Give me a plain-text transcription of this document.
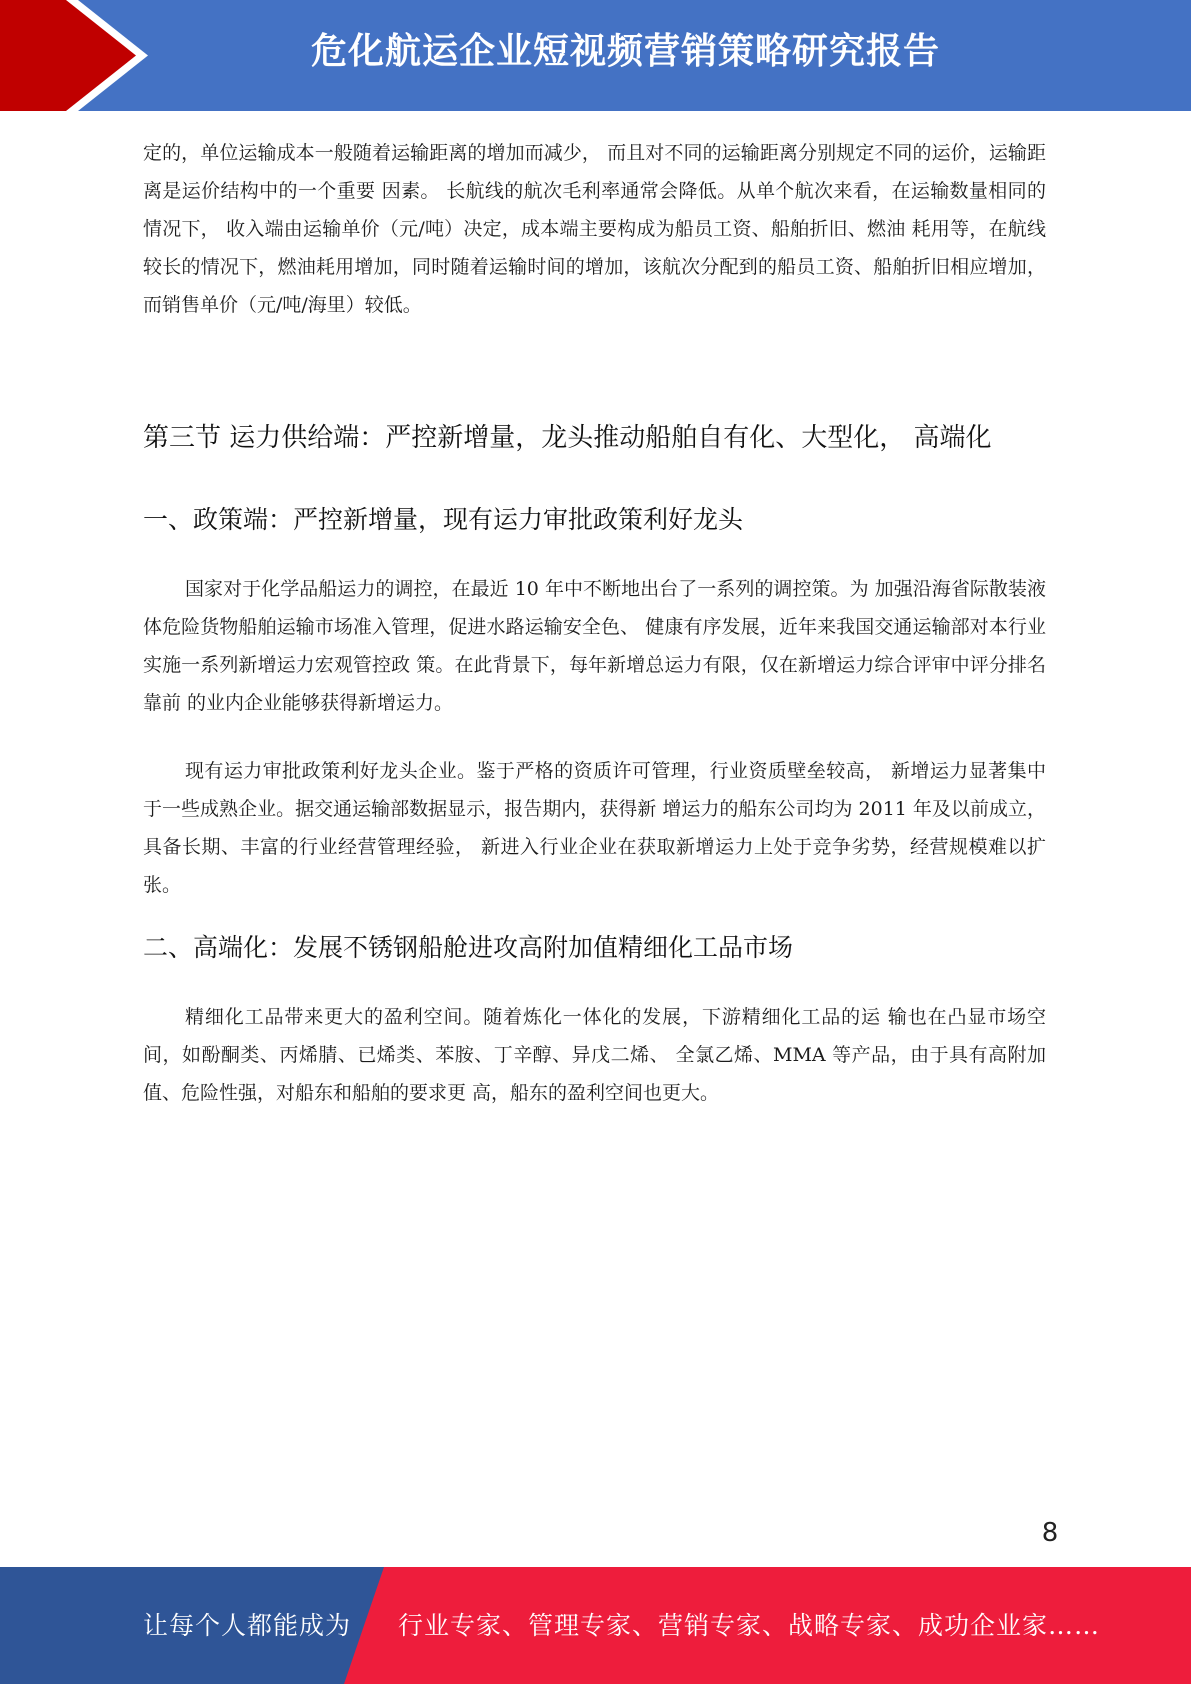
危化航运企业短视频营销策略研究报告

定的，单位运输成本一般随着运输距离的增加而减少， 而且对不同的运输距离分别规定不同的运价，运输距离是运价结构中的一个重要 因素。 长航线的航次毛利率通常会降低。从单个航次来看，在运输数量相同的情况下， 收入端由运输单价（元/吨）决定，成本端主要构成为船员工资、船舶折旧、燃油 耗用等，在航线较长的情况下，燃油耗用增加，同时随着运输时间的增加，该航次分配到的船员工资、船舶折旧相应增加，而销售单价（元/吨/海里）较低。

第三节 运力供给端：严控新增量，龙头推动船舶自有化、大型化， 高端化
一、政策端：严控新增量，现有运力审批政策利好龙头

国家对于化学品船运力的调控，在最近 10 年中不断地出台了一系列的调控策。为 加强沿海省际散装液体危险货物船舶运输市场准入管理，促进水路运输安全色、 健康有序发展，近年来我国交通运输部对本行业实施一系列新增运力宏观管控政 策。在此背景下，每年新增总运力有限，仅在新增运力综合评审中评分排名靠前 的业内企业能够获得新增运力。

现有运力审批政策利好龙头企业。鉴于严格的资质许可管理，行业资质壁垒较高， 新增运力显著集中于一些成熟企业。据交通运输部数据显示，报告期内，获得新 增运力的船东公司均为 2011 年及以前成立，具备长期、丰富的行业经营管理经验， 新进入行业企业在获取新增运力上处于竞争劣势，经营规模难以扩张。

二、高端化：发展不锈钢船舱进攻高附加值精细化工品市场

精细化工品带来更大的盈利空间。随着炼化一体化的发展，下游精细化工品的运 输也在凸显市场空间，如酚酮类、丙烯腈、已烯类、苯胺、丁辛醇、异戊二烯、 全氯乙烯、MMA 等产品，由于具有高附加值、危险性强，对船东和船舶的要求更 高，船东的盈利空间也更大。

8
让每个人都能成为 行业专家、管理专家、营销专家、战略专家、成功企业家……
